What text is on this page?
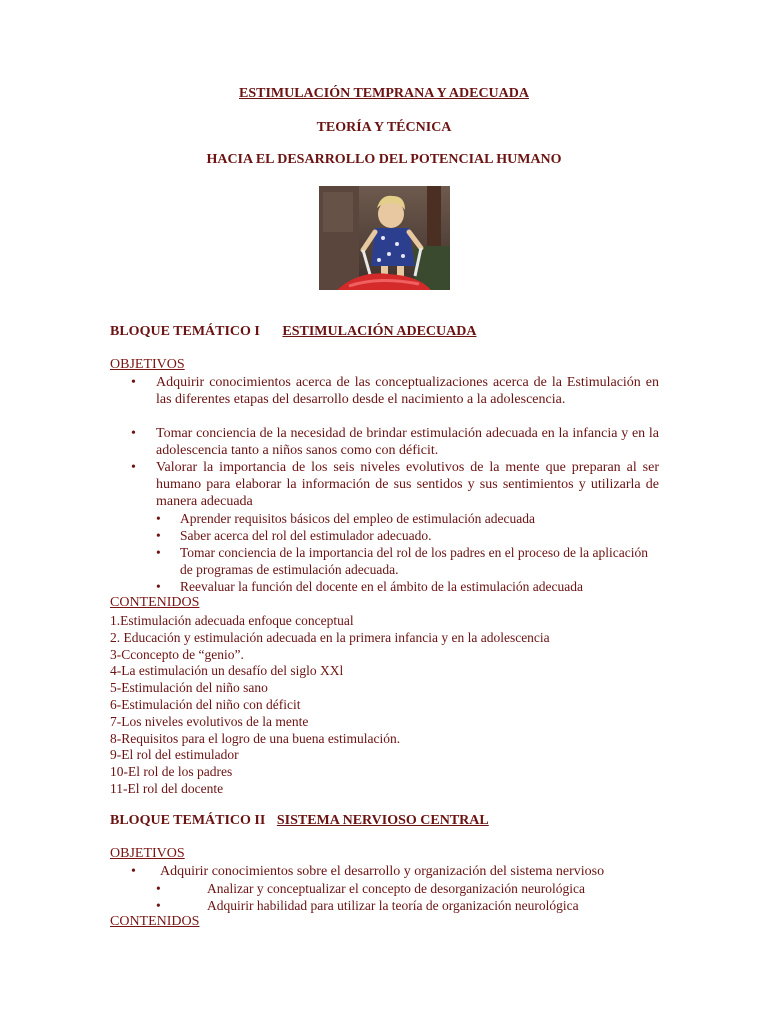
ESTIMULACIÓN TEMPRANA Y ADECUADA
TEORÍA Y TÉCNICA
HACIA EL DESARROLLO DEL POTENCIAL HUMANO
BLOQUE TEMÁTICO I ESTIMULACIÓN ADECUADA
OBJETIVOS
•	Adquirir conocimientos acerca de las conceptualizaciones acerca de la Estimulación en las diferentes etapas del desarrollo desde el nacimiento a la adolescencia.
•	Tomar conciencia de la necesidad de brindar estimulación adecuada en la infancia y en la adolescencia tanto a niños sanos como con déficit.
•	Valorar la importancia de los seis niveles evolutivos de la mente que preparan al ser humano para elaborar la información de sus sentidos y sus sentimientos y utilizarla de manera adecuada
•	Aprender requisitos básicos del empleo de estimulación adecuada
•	Saber acerca del rol del estimulador adecuado.
•	Tomar conciencia de la importancia del rol de los padres en el proceso de la aplicación de programas de estimulación adecuada.
•	Reevaluar la función del docente en el ámbito de la estimulación adecuada
CONTENIDOS
1.Estimulación adecuada enfoque conceptual
2. Educación y estimulación adecuada en la primera infancia y en la adolescencia
3-Cconcepto de “genio”.
4-La estimulación un desafío del siglo XXl
5-Estimulación del niño sano
6-Estimulación del niño con déficit
7-Los niveles evolutivos de la mente
8-Requisitos para el logro de una buena estimulación.
9-El rol del estimulador
10-El rol de los padres
11-El rol del docente
BLOQUE TEMÁTICO II SISTEMA NERVIOSO CENTRAL
OBJETIVOS
•	Adquirir conocimientos sobre el desarrollo y organización del sistema nervioso
•	Analizar y conceptualizar el concepto de desorganización neurológica
•	Adquirir habilidad para utilizar la teoría de organización neurológica
CONTENIDOS
